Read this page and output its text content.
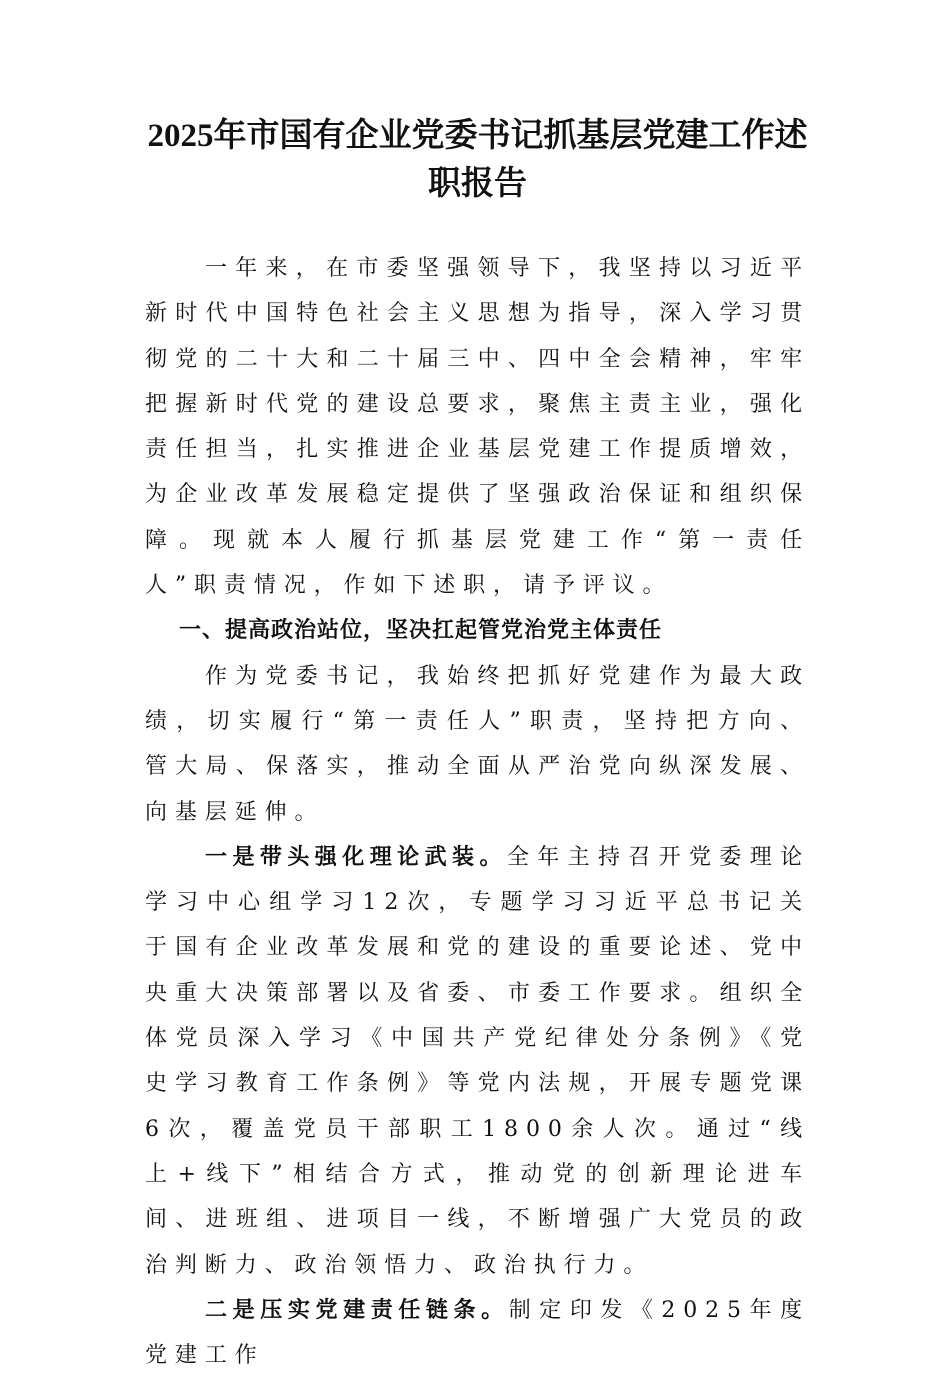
2025年市国有企业党委书记抓基层党建工作述职报告

一年来，在市委坚强领导下，我坚持以习近平新时代中国特色社会主义思想为指导，深入学习贯彻党的二十大和二十届三中、四中全会精神，牢牢把握新时代党的建设总要求，聚焦主责主业，强化责任担当，扎实推进企业基层党建工作提质增效，为企业改革发展稳定提供了坚强政治保证和组织保障。现就本人履行抓基层党建工作“第一责任人”职责情况，作如下述职，请予评议。

一、提高政治站位，坚决扛起管党治党主体责任

作为党委书记，我始终把抓好党建作为最大政绩，切实履行“第一责任人”职责，坚持把方向、管大局、保落实，推动全面从严治党向纵深发展、向基层延伸。

一是带头强化理论武装。全年主持召开党委理论学习中心组学习12次，专题学习习近平总书记关于国有企业改革发展和党的建设的重要论述、党中央重大决策部署以及省委、市委工作要求。组织全体党员深入学习《中国共产党纪律处分条例》《党史学习教育工作条例》等党内法规，开展专题党课6次，覆盖党员干部职工1800余人次。通过“线上+线下”相结合方式，推动党的创新理论进车间、进班组、进项目一线，不断增强广大党员的政治判断力、政治领悟力、政治执行力。

二是压实党建责任链条。制定印发《2025年度党建工作
